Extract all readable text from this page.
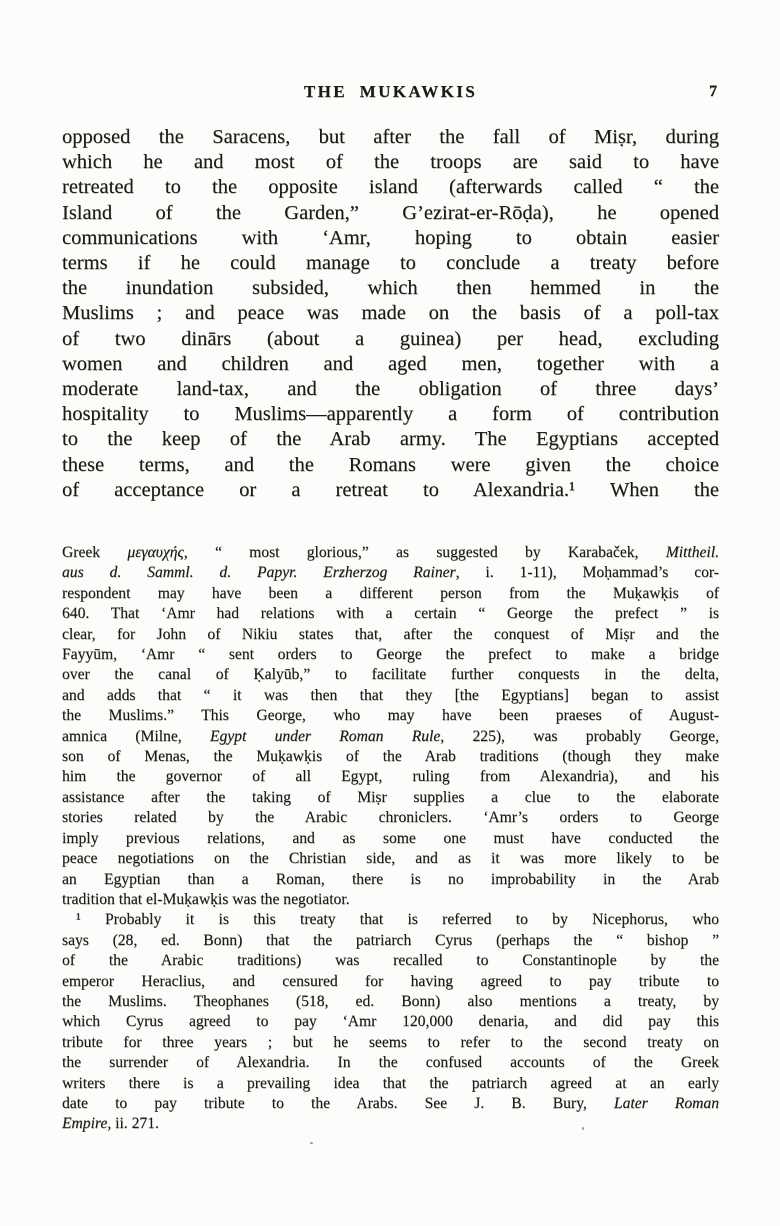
THE MUKAWKIS	7
opposed the Saracens, but after the fall of Miṣr, during
which he and most of the troops are said to have
retreated to the opposite island (afterwards called “ the
Island of the Garden,” G’ezirat-er-Rōḍa), he opened
communications with ‘Amr, hoping to obtain easier
terms if he could manage to conclude a treaty before
the inundation subsided, which then hemmed in the
Muslims ; and peace was made on the basis of a poll-tax
of two dinārs (about a guinea) per head, excluding
women and children and aged men, together with a
moderate land-tax, and the obligation of three days’
hospitality to Muslims—apparently a form of contribution
to the keep of the Arab army. The Egyptians accepted
these terms, and the Romans were given the choice
of acceptance or a retreat to Alexandria.¹ When the
Greek μεγαυχής, “ most glorious,” as suggested by Karabaček, Mittheil.
aus d. Samml. d. Papyr. Erzherzog Rainer, i. 1-11), Moḥammad’s cor-
respondent may have been a different person from the Muḳawḳis of
640. That ‘Amr had relations with a certain “ George the prefect ” is
clear, for John of Nikiu states that, after the conquest of Miṣr and the
Fayyūm, ‘Amr “ sent orders to George the prefect to make a bridge
over the canal of Ḳalyūb,” to facilitate further conquests in the delta,
and adds that “ it was then that they [the Egyptians] began to assist
the Muslims.” This George, who may have been praeses of August-
amnica (Milne, Egypt under Roman Rule, 225), was probably George,
son of Menas, the Muḳawḳis of the Arab traditions (though they make
him the governor of all Egypt, ruling from Alexandria), and his
assistance after the taking of Miṣr supplies a clue to the elaborate
stories related by the Arabic chroniclers. ‘Amr’s orders to George
imply previous relations, and as some one must have conducted the
peace negotiations on the Christian side, and as it was more likely to be
an Egyptian than a Roman, there is no improbability in the Arab
tradition that el-Muḳawḳis was the negotiator.
¹ Probably it is this treaty that is referred to by Nicephorus, who
says (28, ed. Bonn) that the patriarch Cyrus (perhaps the “ bishop ”
of the Arabic traditions) was recalled to Constantinople by the
emperor Heraclius, and censured for having agreed to pay tribute to
the Muslims. Theophanes (518, ed. Bonn) also mentions a treaty, by
which Cyrus agreed to pay ‘Amr 120,000 denaria, and did pay this
tribute for three years ; but he seems to refer to the second treaty on
the surrender of Alexandria. In the confused accounts of the Greek
writers there is a prevailing idea that the patriarch agreed at an early
date to pay tribute to the Arabs. See J. B. Bury, Later Roman
Empire, ii. 271.
